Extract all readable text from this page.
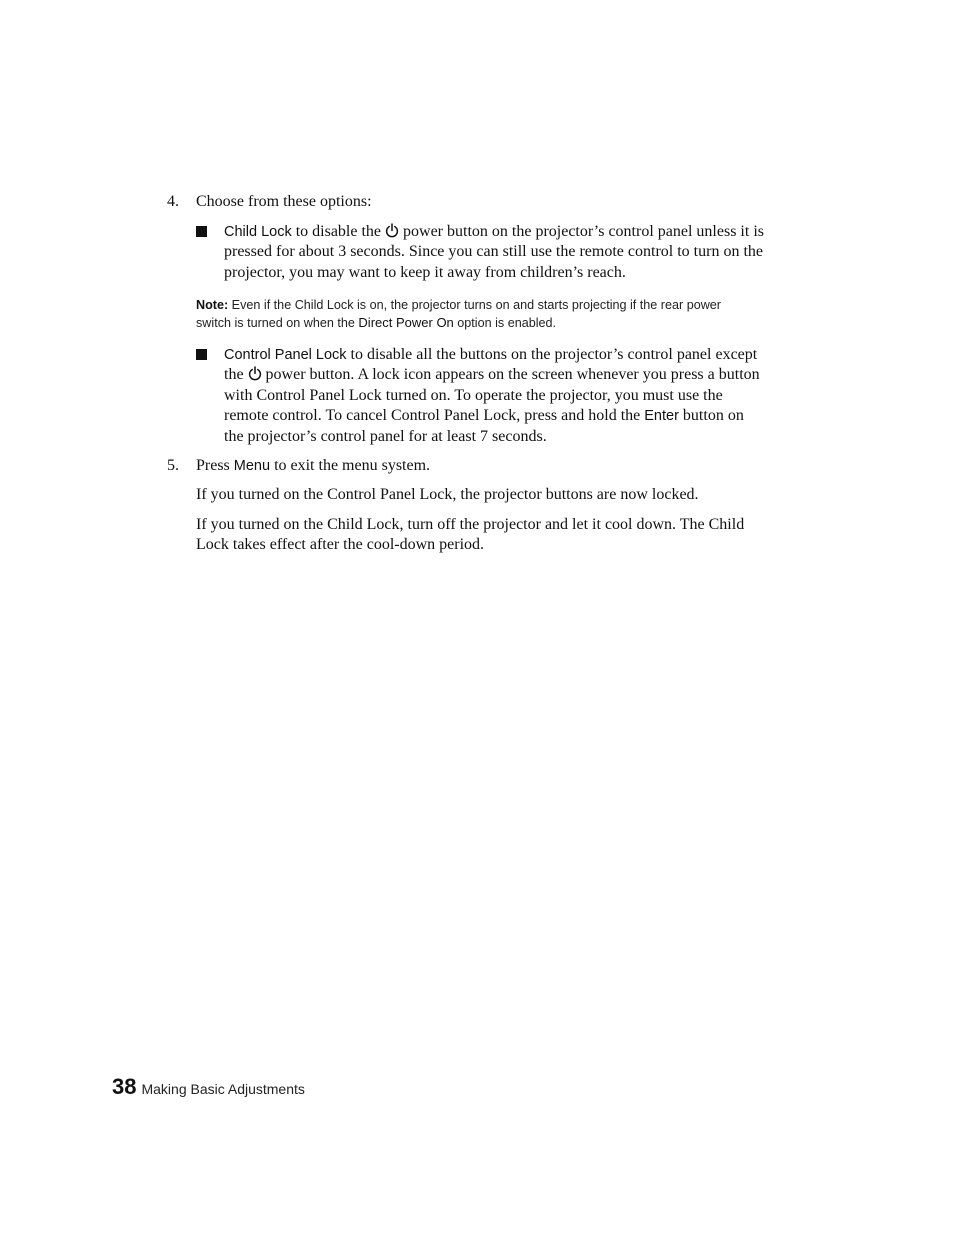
4. Choose from these options:
Child Lock to disable the  power button on the projector’s control panel unless it is
pressed for about 3 seconds. Since you can still use the remote control to turn on the
projector, you may want to keep it away from children’s reach.
Note: Even if the Child Lock is on, the projector turns on and starts projecting if the rear power
switch is turned on when the Direct Power On option is enabled.
Control Panel Lock to disable all the buttons on the projector’s control panel except
the  power button. A lock icon appears on the screen whenever you press a button
with Control Panel Lock turned on. To operate the projector, you must use the
remote control. To cancel Control Panel Lock, press and hold the Enter button on
the projector’s control panel for at least 7 seconds.
5. Press Menu to exit the menu system.
If you turned on the Control Panel Lock, the projector buttons are now locked.
If you turned on the Child Lock, turn off the projector and let it cool down. The Child
Lock takes effect after the cool-down period.
38 Making Basic Adjustments
